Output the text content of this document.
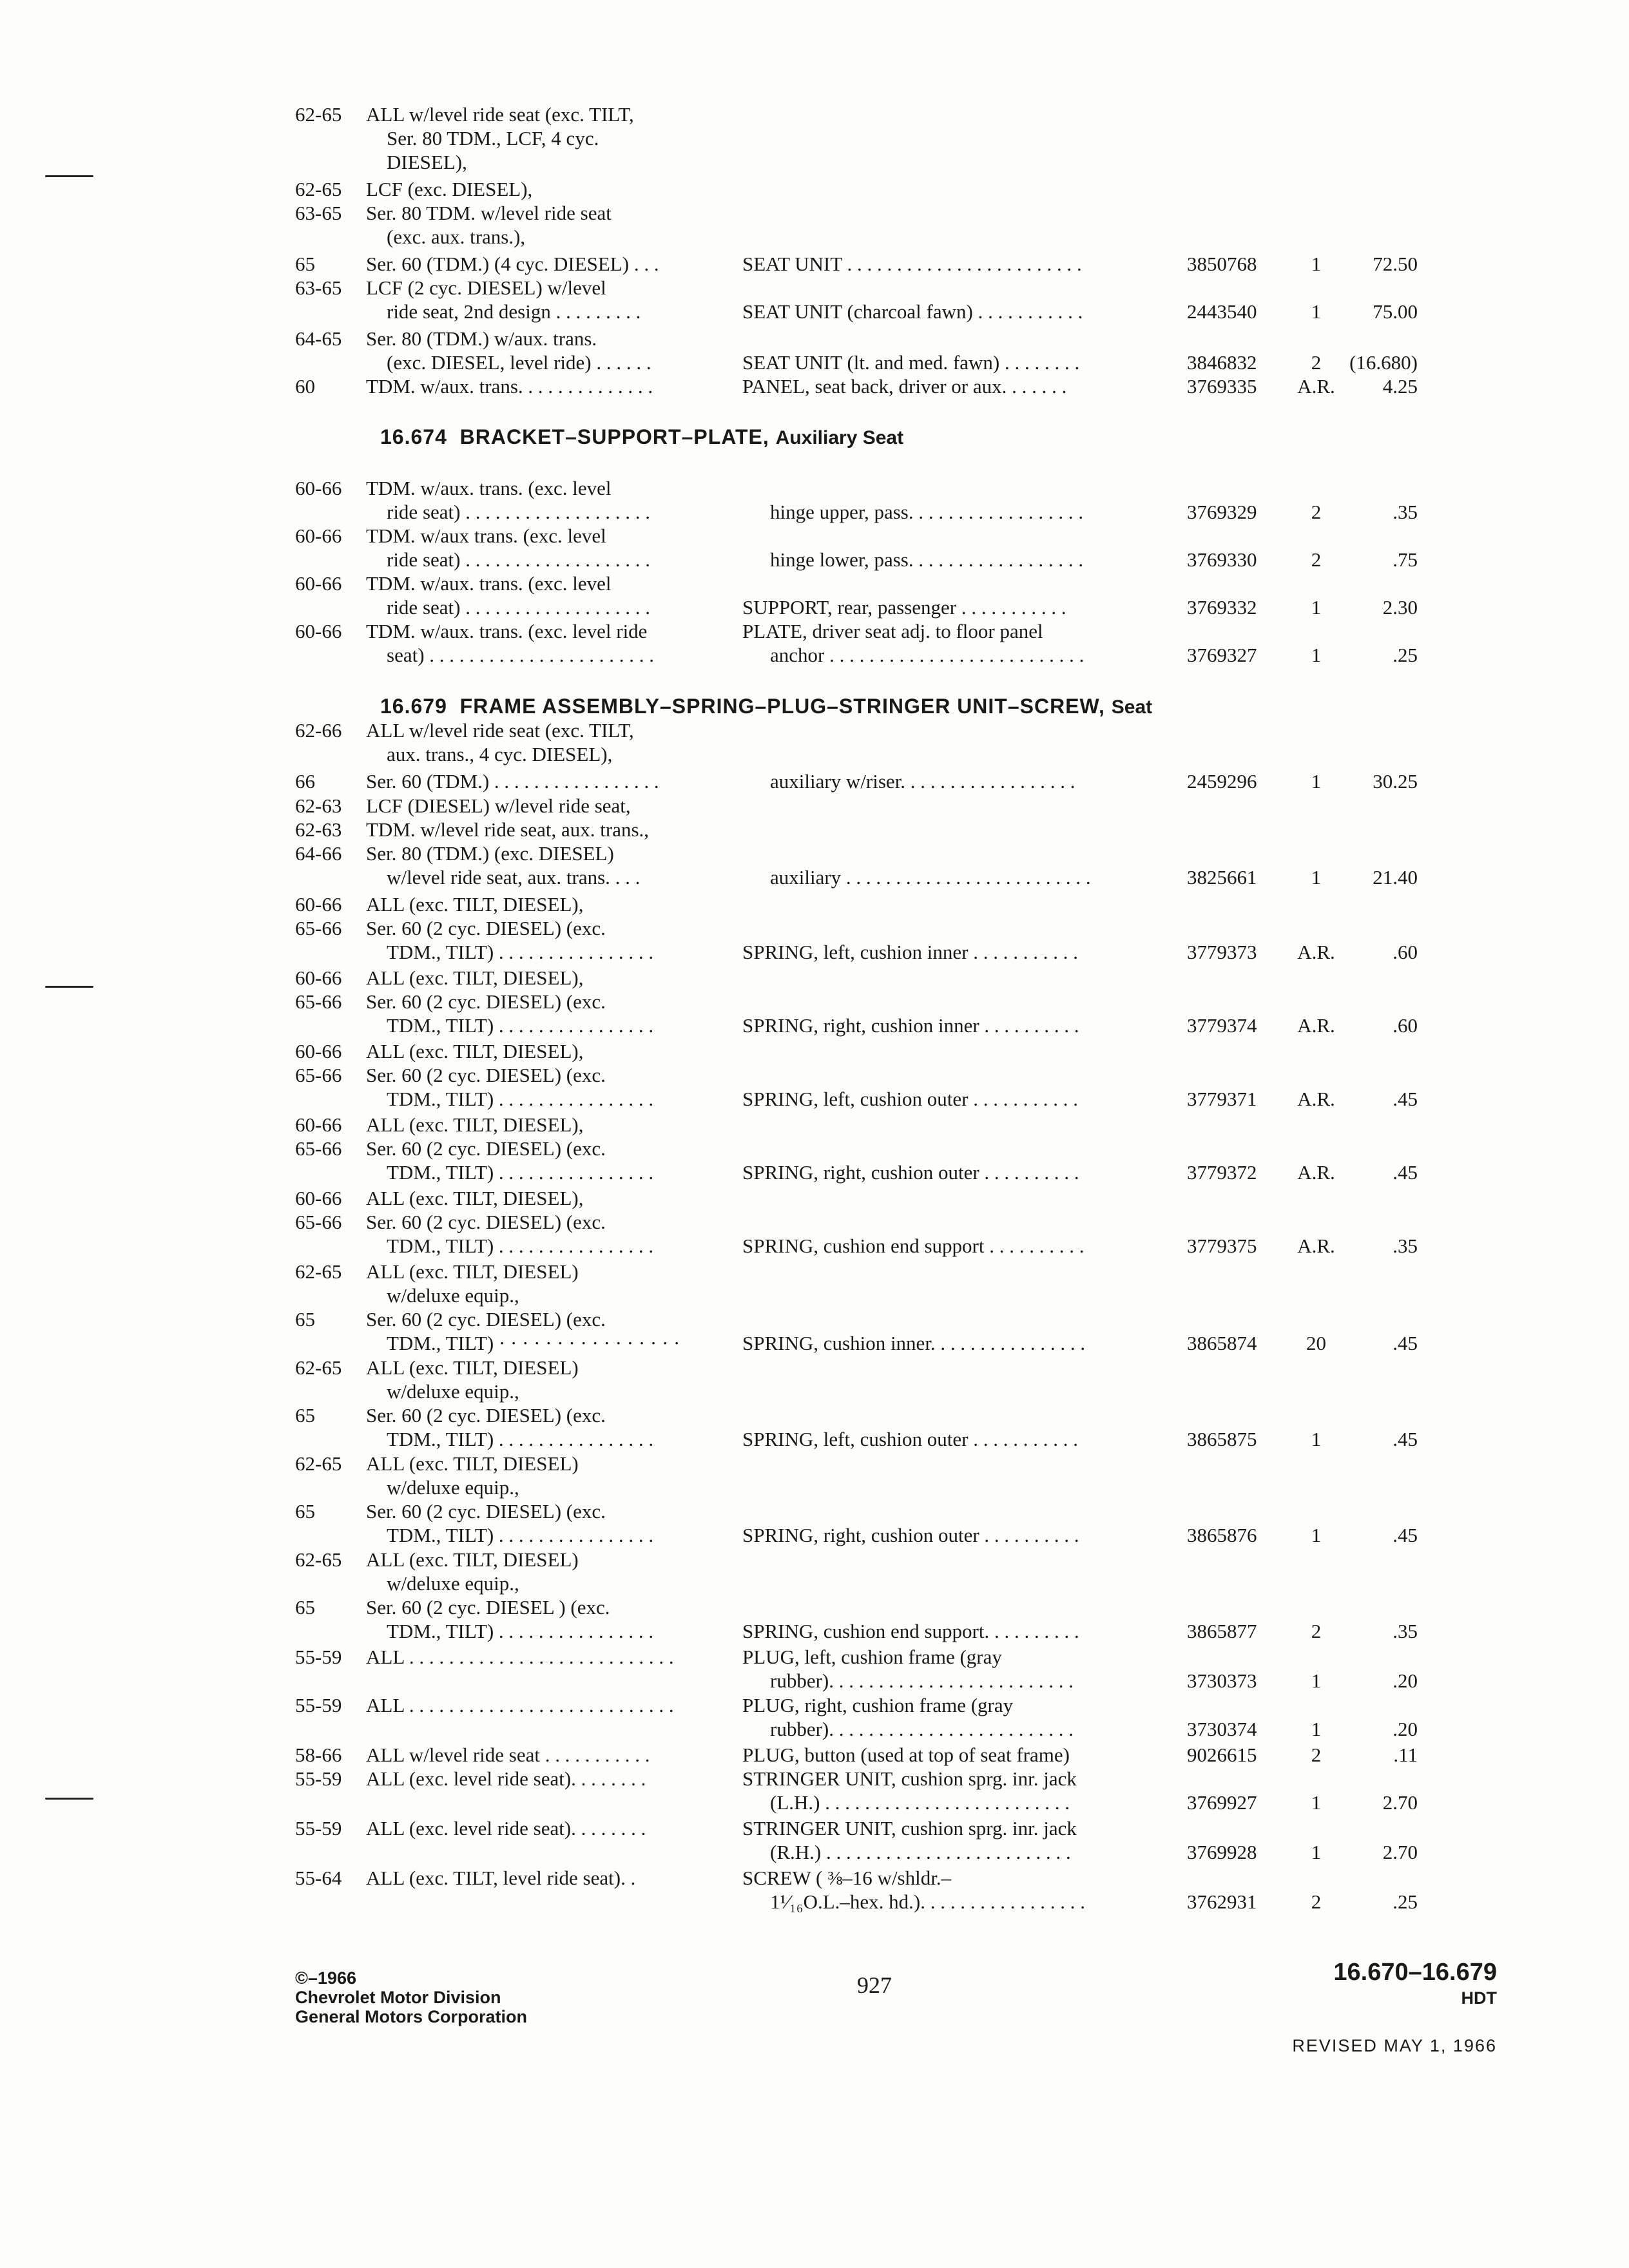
62-65 ALL w/level ride seat (exc. TILT,
Ser. 80 TDM., LCF, 4 cyc.
DIESEL),
62-65 LCF (exc. DIESEL),
63-65 Ser. 80 TDM. w/level ride seat
(exc. aux. trans.),
65	Ser. 60 (TDM.) (4 cyc. DIESEL) . . .	SEAT UNIT . . . . . . . . . . . . . . . . . . . . . . . .	3850768	1	72.50
63-65 LCF (2 cyc. DIESEL) w/level
ride seat, 2nd design . . . . . . . . .	SEAT UNIT (charcoal fawn) . . . . . . . . . . .	2443540	1	75.00
64-65 Ser. 80 (TDM.) w/aux. trans.
(exc. DIESEL, level ride) . . . . . .	SEAT UNIT (lt. and med. fawn) . . . . . . . .	3846832	2	(16.680)
60	TDM. w/aux. trans. . . . . . . . . . . . . .	PANEL, seat back, driver or aux. . . . . . .	3769335	A.R.	4.25
60-66 TDM. w/aux. trans. (exc. level
ride seat) . . . . . . . . . . . . . . . . . . .	hinge upper, pass. . . . . . . . . . . . . . . . . .	3769329	2	.35
60-66 TDM. w/aux trans. (exc. level
ride seat) . . . . . . . . . . . . . . . . . . .	hinge lower, pass. . . . . . . . . . . . . . . . . .	3769330	2	.75
60-66 TDM. w/aux. trans. (exc. level
ride seat) . . . . . . . . . . . . . . . . . . .	SUPPORT, rear, passenger . . . . . . . . . . .	3769332	1	2.30
60-66 TDM. w/aux. trans. (exc. level ride	PLATE, driver seat adj. to floor panel
seat) . . . . . . . . . . . . . . . . . . . . . . .	anchor . . . . . . . . . . . . . . . . . . . . . . . . . .	3769327	1	.25
62-66 ALL w/level ride seat (exc. TILT,
aux. trans., 4 cyc. DIESEL),
66	Ser. 60 (TDM.) . . . . . . . . . . . . . . . . .	auxiliary w/riser. . . . . . . . . . . . . . . . . .	2459296	1	30.25
62-63 LCF (DIESEL) w/level ride seat,
62-63 TDM. w/level ride seat, aux. trans.,
64-66 Ser. 80 (TDM.) (exc. DIESEL)
w/level ride seat, aux. trans. . . .	auxiliary . . . . . . . . . . . . . . . . . . . . . . . . .	3825661	1	21.40
60-66 ALL (exc. TILT, DIESEL),
65-66 Ser. 60 (2 cyc. DIESEL) (exc.
TDM., TILT) . . . . . . . . . . . . . . . .	SPRING, left, cushion inner . . . . . . . . . . .	3779373	A.R.	.60
60-66 ALL (exc. TILT, DIESEL),
65-66 Ser. 60 (2 cyc. DIESEL) (exc.
TDM., TILT) . . . . . . . . . . . . . . . .	SPRING, right, cushion inner . . . . . . . . . .	3779374	A.R.	.60
60-66 ALL (exc. TILT, DIESEL),
65-66 Ser. 60 (2 cyc. DIESEL) (exc.
TDM., TILT) . . . . . . . . . . . . . . . .	SPRING, left, cushion outer . . . . . . . . . . .	3779371	A.R.	.45
60-66 ALL (exc. TILT, DIESEL),
65-66 Ser. 60 (2 cyc. DIESEL) (exc.
TDM., TILT) . . . . . . . . . . . . . . . .	SPRING, right, cushion outer . . . . . . . . . .	3779372	A.R.	.45
60-66 ALL (exc. TILT, DIESEL),
65-66 Ser. 60 (2 cyc. DIESEL) (exc.
TDM., TILT) . . . . . . . . . . . . . . . .	SPRING, cushion end support . . . . . . . . . .	3779375	A.R.	.35
62-65 ALL (exc. TILT, DIESEL)
w/deluxe equip.,
65	Ser. 60 (2 cyc. DIESEL) (exc.
TDM., TILT) · · · · · · · · · · · · · · · ·	SPRING, cushion inner. . . . . . . . . . . . . . . .	3865874	20	.45
62-65 ALL (exc. TILT, DIESEL)
w/deluxe equip.,
65	Ser. 60 (2 cyc. DIESEL) (exc.
TDM., TILT) . . . . . . . . . . . . . . . .	SPRING, left, cushion outer . . . . . . . . . . .	3865875	1	.45
62-65 ALL (exc. TILT, DIESEL)
w/deluxe equip.,
65	Ser. 60 (2 cyc. DIESEL) (exc.
TDM., TILT) . . . . . . . . . . . . . . . .	SPRING, right, cushion outer . . . . . . . . . .	3865876	1	.45
62-65 ALL (exc. TILT, DIESEL)
w/deluxe equip.,
65	Ser. 60 (2 cyc. DIESEL ) (exc.
TDM., TILT) . . . . . . . . . . . . . . . .	SPRING, cushion end support. . . . . . . . . .	3865877	2	.35
55-59 ALL . . . . . . . . . . . . . . . . . . . . . . . . . . .	PLUG, left, cushion frame (gray
rubber). . . . . . . . . . . . . . . . . . . . . . . . .	3730373	1	.20
55-59 ALL . . . . . . . . . . . . . . . . . . . . . . . . . . .	PLUG, right, cushion frame (gray
rubber). . . . . . . . . . . . . . . . . . . . . . . . .	3730374	1	.20
58-66 ALL w/level ride seat . . . . . . . . . . .	PLUG, button (used at top of seat frame)	9026615	2	.11
55-59 ALL (exc. level ride seat). . . . . . . .	STRINGER UNIT, cushion sprg. inr. jack
(L.H.) . . . . . . . . . . . . . . . . . . . . . . . . .	3769927	1	2.70
55-59 ALL (exc. level ride seat). . . . . . . .	STRINGER UNIT, cushion sprg. inr. jack
(R.H.) . . . . . . . . . . . . . . . . . . . . . . . . .	3769928	1	2.70
55-64 ALL (exc. TILT, level ride seat). .	SCREW ( ⅜–16 w/shldr.–
1¹⁄₁₆O.L.–hex. hd.). . . . . . . . . . . . . . . . .	3762931	2	.25
16.674 BRACKET–SUPPORT–PLATE, Auxiliary Seat
16.679 FRAME ASSEMBLY–SPRING–PLUG–STRINGER UNIT–SCREW, Seat
©–1966
Chevrolet Motor Division
General Motors Corporation
927	16.670–16.679
HDT
REVISED MAY 1, 1966
